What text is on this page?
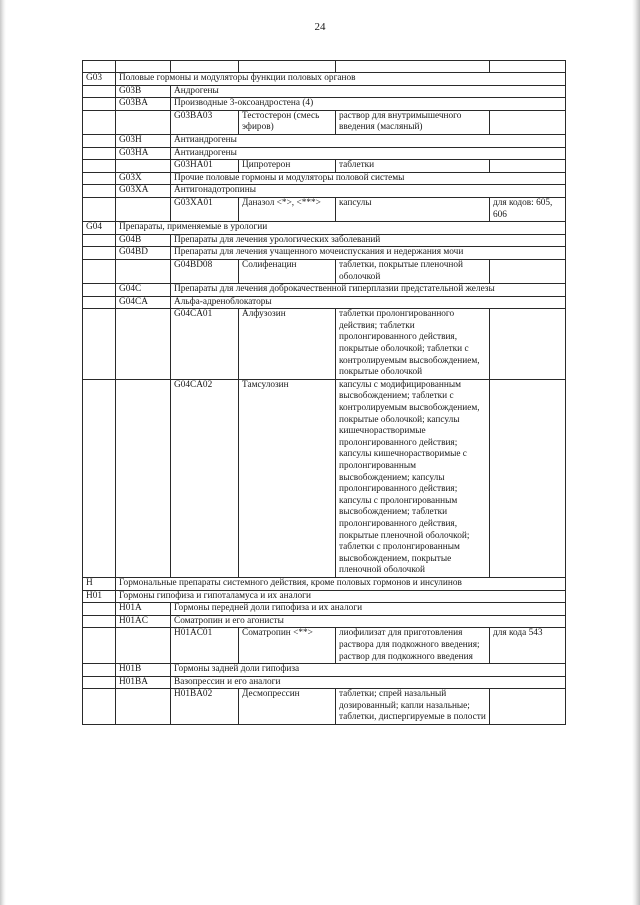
24

G03	Половые гормоны и модуляторы функции половых органов				
	G03B	Андрогены			
	G03BA	Производные 3-оксоандростена (4)			
		G03BA03	Тестостерон (смесь эфиров)	раствор для внутримышечного введения (масляный)	
	G03H	Антиандрогены			
	G03HA	Антиандрогены			
		G03HA01	Ципротерон	таблетки	
	G03X	Прочие половые гормоны и модуляторы половой системы			
	G03XA	Антигонадотропины			
		G03XA01	Даназол <*>, <***>	капсулы	для кодов: 605, 606
G04	Препараты, применяемые в урологии				
	G04B	Препараты для лечения урологических заболеваний			
	G04BD	Препараты для лечения учащенного мочеиспускания и недержания мочи			
		G04BD08	Солифенацин	таблетки, покрытые пленочной оболочкой	
	G04C	Препараты для лечения доброкачественной гиперплазии предстательной железы			
	G04CA	Альфа-адреноблокаторы			
		G04CA01	Алфузозин	таблетки пролонгированного действия; таблетки пролонгированного действия, покрытые оболочкой; таблетки с контролируемым высвобождением, покрытые оболочкой	
		G04CA02	Тамсулозин	капсулы с модифицированным высвобождением; таблетки с контролируемым высвобождением, покрытые оболочкой; капсулы кишечнорастворимые пролонгированного действия; капсулы кишечнорастворимые с пролонгированным высвобождением; капсулы пролонгированного действия; капсулы с пролонгированным высвобождением; таблетки пролонгированного действия, покрытые пленочной оболочкой; таблетки с пролонгированным высвобождением, покрытые пленочной оболочкой	
H	Гормональные препараты системного действия, кроме половых гормонов и инсулинов				
H01	Гормоны гипофиза и гипоталамуса и их аналоги				
	H01A	Гормоны передней доли гипофиза и их аналоги			
	H01AC	Соматропин и его агонисты			
		H01AC01	Соматропин <**>	лиофилизат для приготовления раствора для подкожного введения; раствор для подкожного введения	для кода 543
	H01B	Гормоны задней доли гипофиза			
	H01BA	Вазопрессин и его аналоги			
		H01BA02	Десмопрессин	таблетки; спрей назальный дозированный; капли назальные; таблетки, диспергируемые в полости	
